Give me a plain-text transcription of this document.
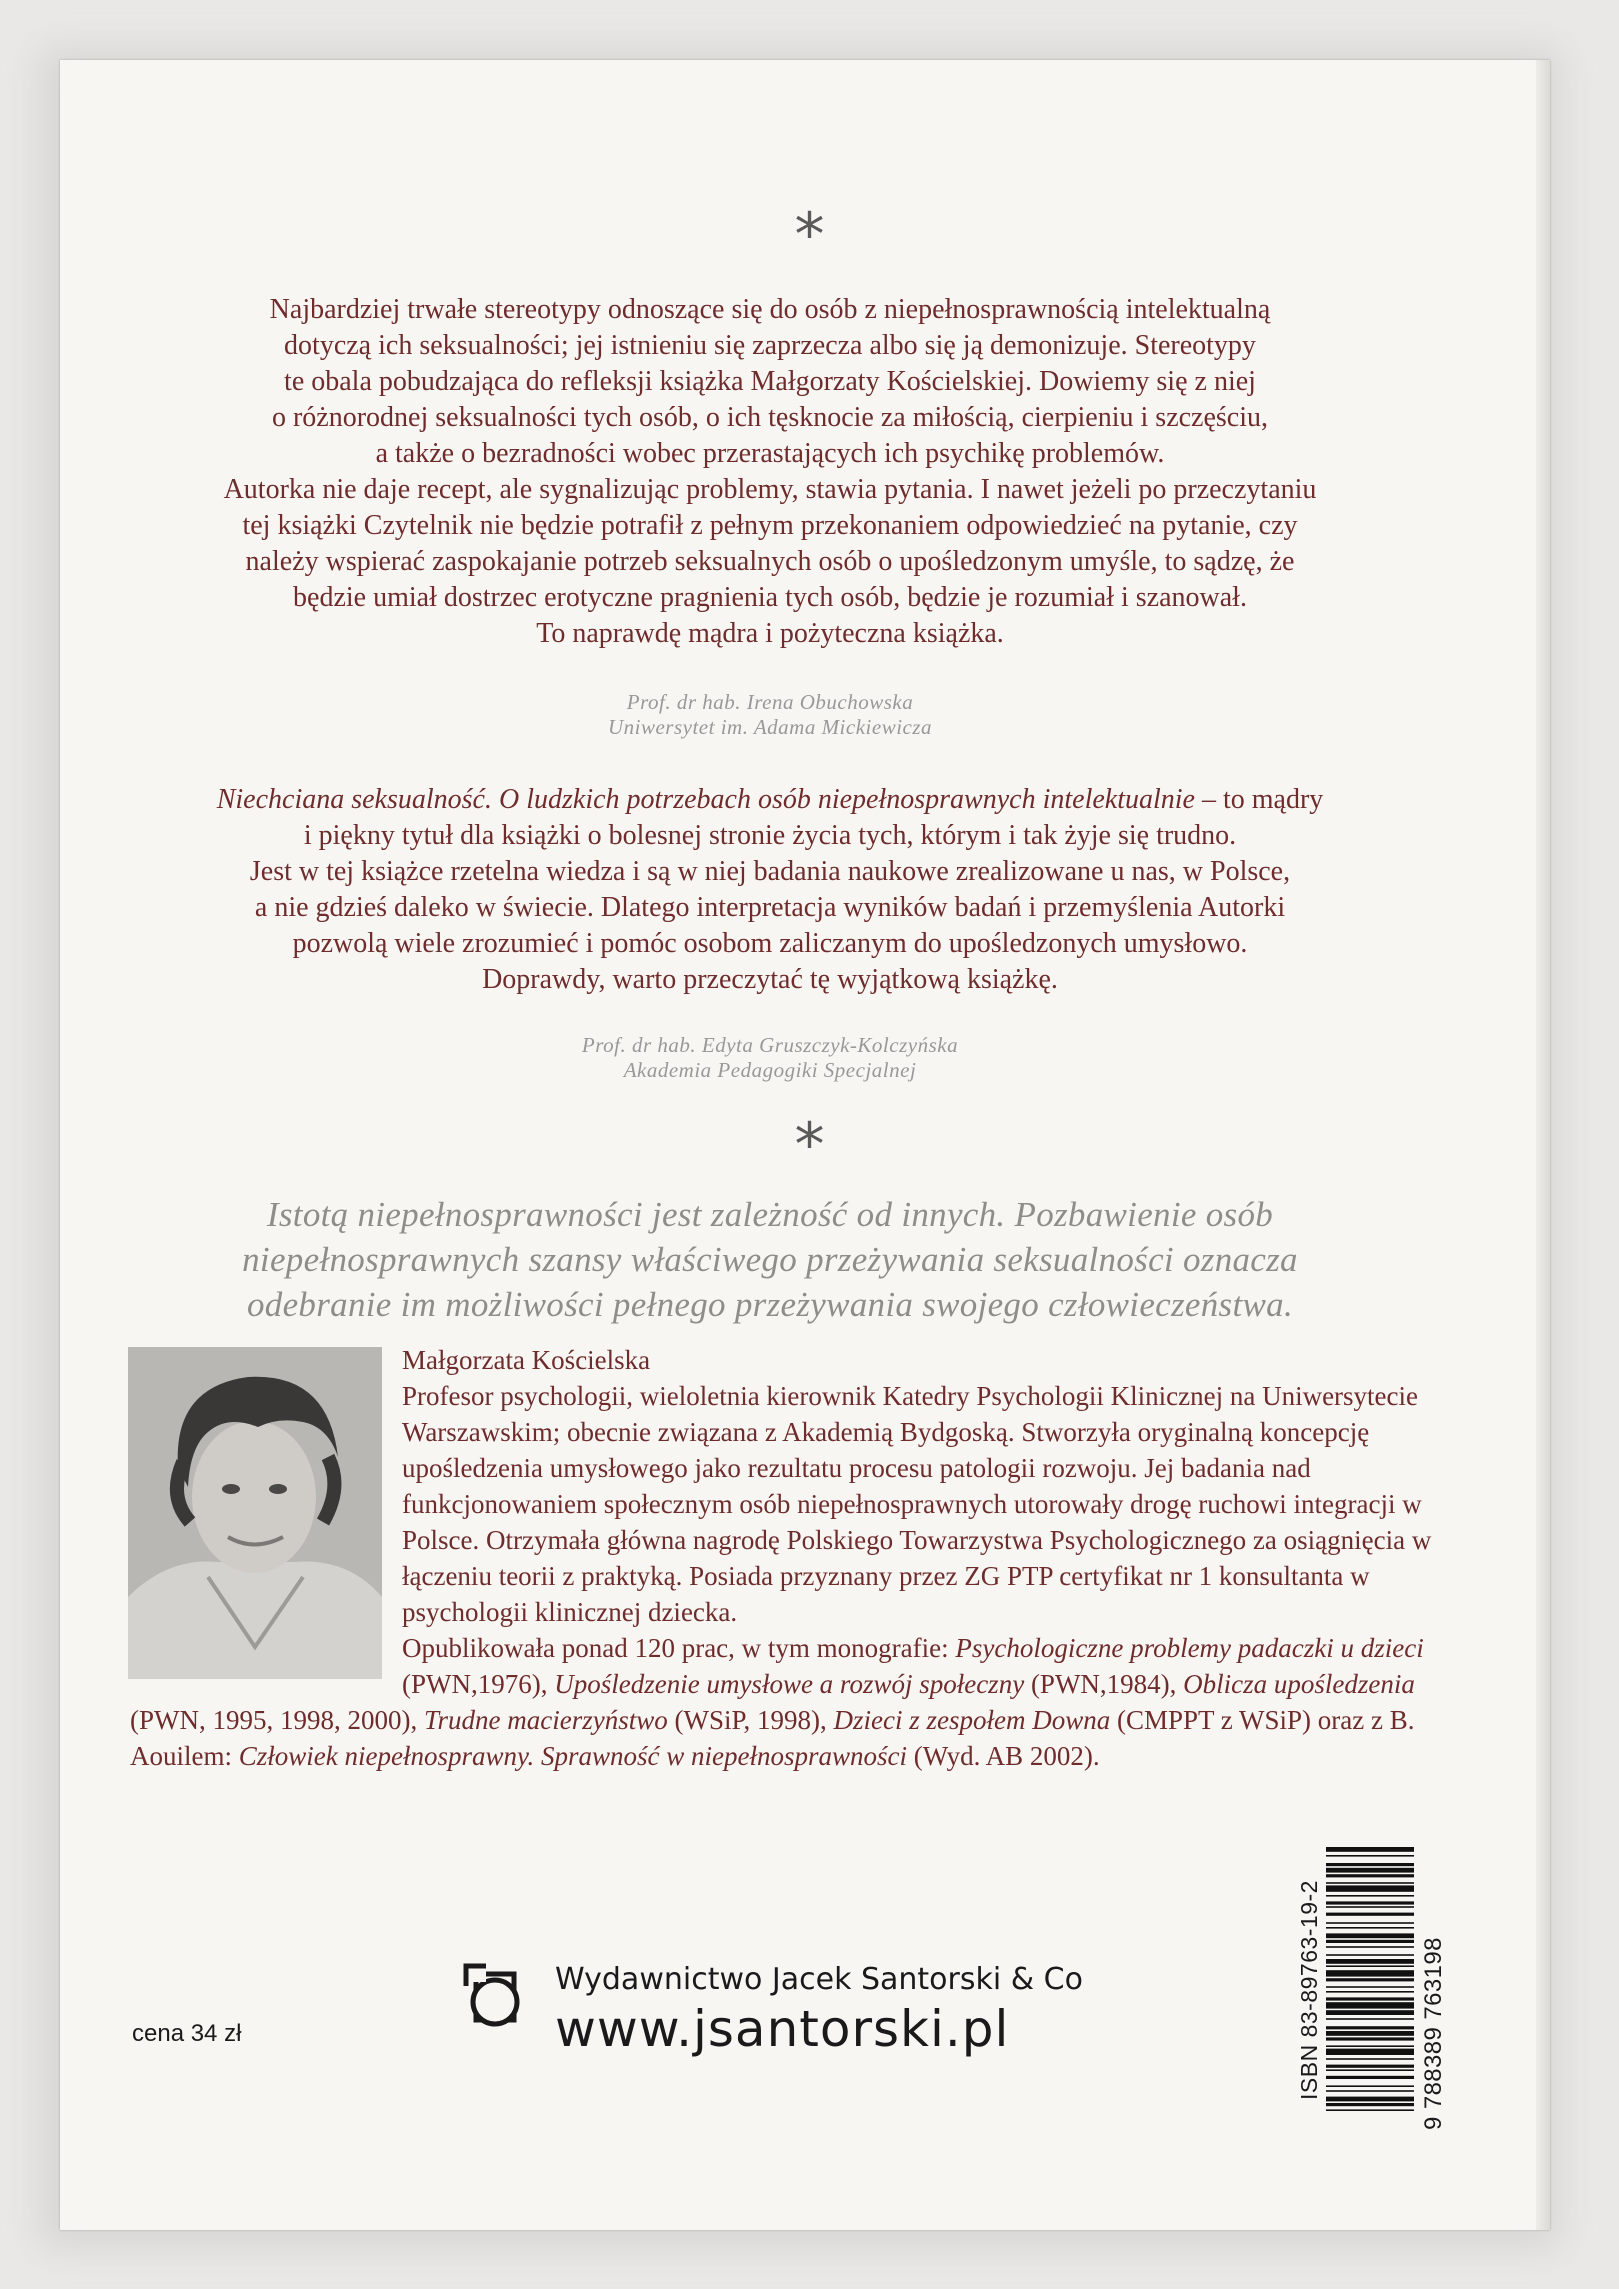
*

Najbardziej trwałe stereotypy odnoszące się do osób z niepełnosprawnością intelektualną

dotyczą ich seksualności; jej istnieniu się zaprzecza albo się ją demonizuje. Stereotypy

te obala pobudzająca do refleksji książka Małgorzaty Kościelskiej. Dowiemy się z niej

o różnorodnej seksualności tych osób, o ich tęsknocie za miłością, cierpieniu i szczęściu,

a także o bezradności wobec przerastających ich psychikę problemów.

Autorka nie daje recept, ale sygnalizując problemy, stawia pytania. I nawet jeżeli po przeczytaniu

tej książki Czytelnik nie będzie potrafił z pełnym przekonaniem odpowiedzieć na pytanie, czy

należy wspierać zaspokajanie potrzeb seksualnych osób o upośledzonym umyśle, to sądzę, że

będzie umiał dostrzec erotyczne pragnienia tych osób, będzie je rozumiał i szanował.

To naprawdę mądra i pożyteczna książka.

Prof. dr hab. Irena Obuchowska
Uniwersytet im. Adama Mickiewicza

Niechciana seksualność. O ludzkich potrzebach osób niepełnosprawnych intelektualnie – to mądry

i piękny tytuł dla książki o bolesnej stronie życia tych, którym i tak żyje się trudno.

Jest w tej książce rzetelna wiedza i są w niej badania naukowe zrealizowane u nas, w Polsce,

a nie gdzieś daleko w świecie. Dlatego interpretacja wyników badań i przemyślenia Autorki

pozwolą wiele zrozumieć i pomóc osobom zaliczanym do upośledzonych umysłowo.

Doprawdy, warto przeczytać tę wyjątkową książkę.

Prof. dr hab. Edyta Gruszczyk-Kolczyńska
Akademia Pedagogiki Specjalnej
*
Istotą niepełnosprawności jest zależność od innych. Pozbawienie osób
niepełnosprawnych szansy właściwego przeżywania seksualności oznacza
odebranie im możliwości pełnego przeżywania swojego człowieczeństwa.

Małgorzata Kościelska

Profesor psychologii, wieloletnia kierownik Katedry Psychologii Klinicznej na Uniwersytecie Warszawskim; obecnie związana z Akademią Bydgoską. Stworzyła oryginalną koncepcję upośledzenia umysłowego jako rezultatu procesu patologii rozwoju. Jej badania nad funkcjonowaniem społecznym osób niepełnosprawnych utorowały drogę ruchowi integracji w Polsce. Otrzymała główna nagrodę Polskiego Towarzystwa Psychologicznego za osiągnięcia w łączeniu teorii z praktyką. Posiada przyznany przez ZG PTP certyfikat nr 1 konsultanta w psychologii klinicznej dziecka.

Opublikowała ponad 120 prac, w tym monografie: Psychologiczne problemy padaczki u dzieci (PWN,1976), Upośledzenie umysłowe a rozwój społeczny (PWN,1984), Oblicza upośledzenia (PWN, 1995, 1998, 2000), Trudne macierzyństwo (WSiP, 1998), Dzieci z zespołem Downa (CMPPT z WSiP) oraz z B. Aouilem: Człowiek niepełnosprawny. Sprawność w niepełnosprawności (Wyd. AB 2002).

Wydawnictwo Jacek Santorski & Co
www.jsantorski.pl
cena 34 zł	ISBN 83-89763-19-2	9 788389 763198
